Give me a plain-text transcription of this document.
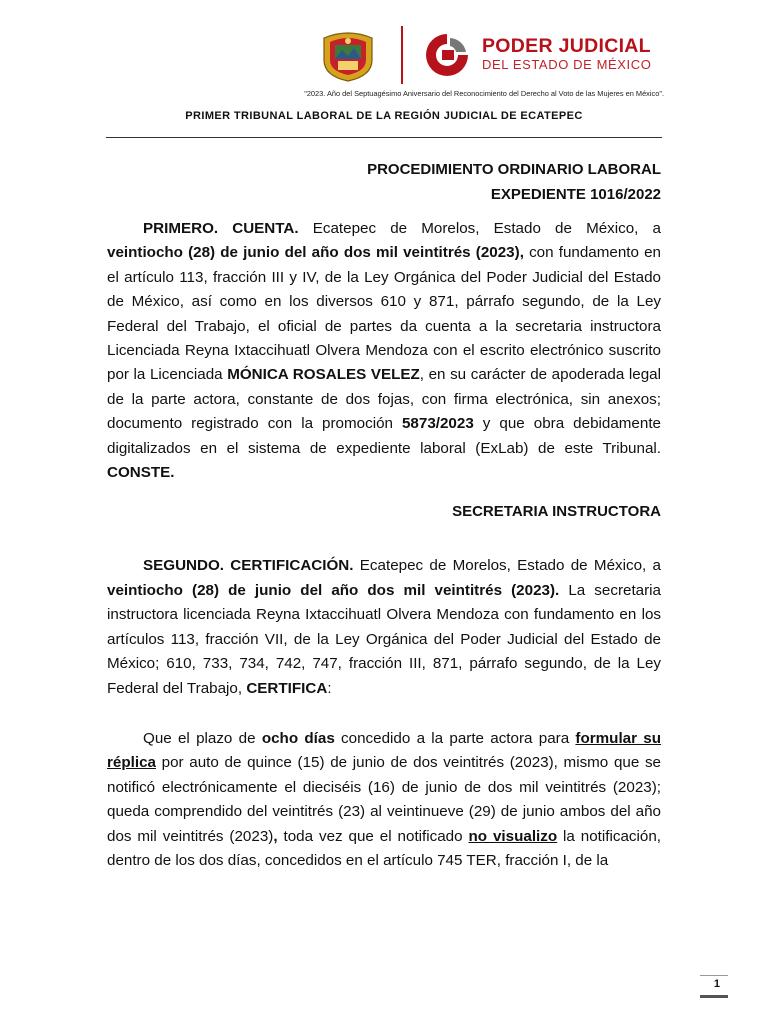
PODER JUDICIAL
DEL ESTADO DE MÉXICO
"2023. Año del Septuagésimo Aniversario del Reconocimiento del Derecho al Voto de las Mujeres en México".
PRIMER TRIBUNAL LABORAL DE LA REGIÓN JUDICIAL DE ECATEPEC
PROCEDIMIENTO ORDINARIO LABORAL
EXPEDIENTE 1016/2022

PRIMERO. CUENTA. Ecatepec de Morelos, Estado de México, a veintiocho (28) de junio del año dos mil veintitrés (2023), con fundamento en el artículo 113, fracción III y IV, de la Ley Orgánica del Poder Judicial del Estado de México, así como en los diversos 610 y 871, párrafo segundo, de la Ley Federal del Trabajo, el oficial de partes da cuenta a la secretaria instructora Licenciada Reyna Ixtaccihuatl Olvera Mendoza con el escrito electrónico suscrito por la Licenciada MÓNICA ROSALES VELEZ, en su carácter de apoderada legal de la parte actora, constante de dos fojas, con firma electrónica, sin anexos; documento registrado con la promoción 5873/2023 y que obra debidamente digitalizados en el sistema de expediente laboral (ExLab) de este Tribunal. CONSTE.

SECRETARIA INSTRUCTORA

SEGUNDO. CERTIFICACIÓN. Ecatepec de Morelos, Estado de México, a veintiocho (28) de junio del año dos mil veintitrés (2023). La secretaria instructora licenciada Reyna Ixtaccihuatl Olvera Mendoza con fundamento en los artículos 113, fracción VII, de la Ley Orgánica del Poder Judicial del Estado de México; 610, 733, 734, 742, 747, fracción III, 871, párrafo segundo, de la Ley Federal del Trabajo, CERTIFICA:

Que el plazo de ocho días concedido a la parte actora para formular su réplica por auto de quince (15) de junio de dos veintitrés (2023), mismo que se notificó electrónicamente el dieciséis (16) de junio de dos mil veintitrés (2023); queda comprendido del veintitrés (23) al veintinueve (29) de junio ambos del año dos mil veintitrés (2023), toda vez que el notificado no visualizo la notificación, dentro de los dos días, concedidos en el artículo 745 TER, fracción I, de la

1
